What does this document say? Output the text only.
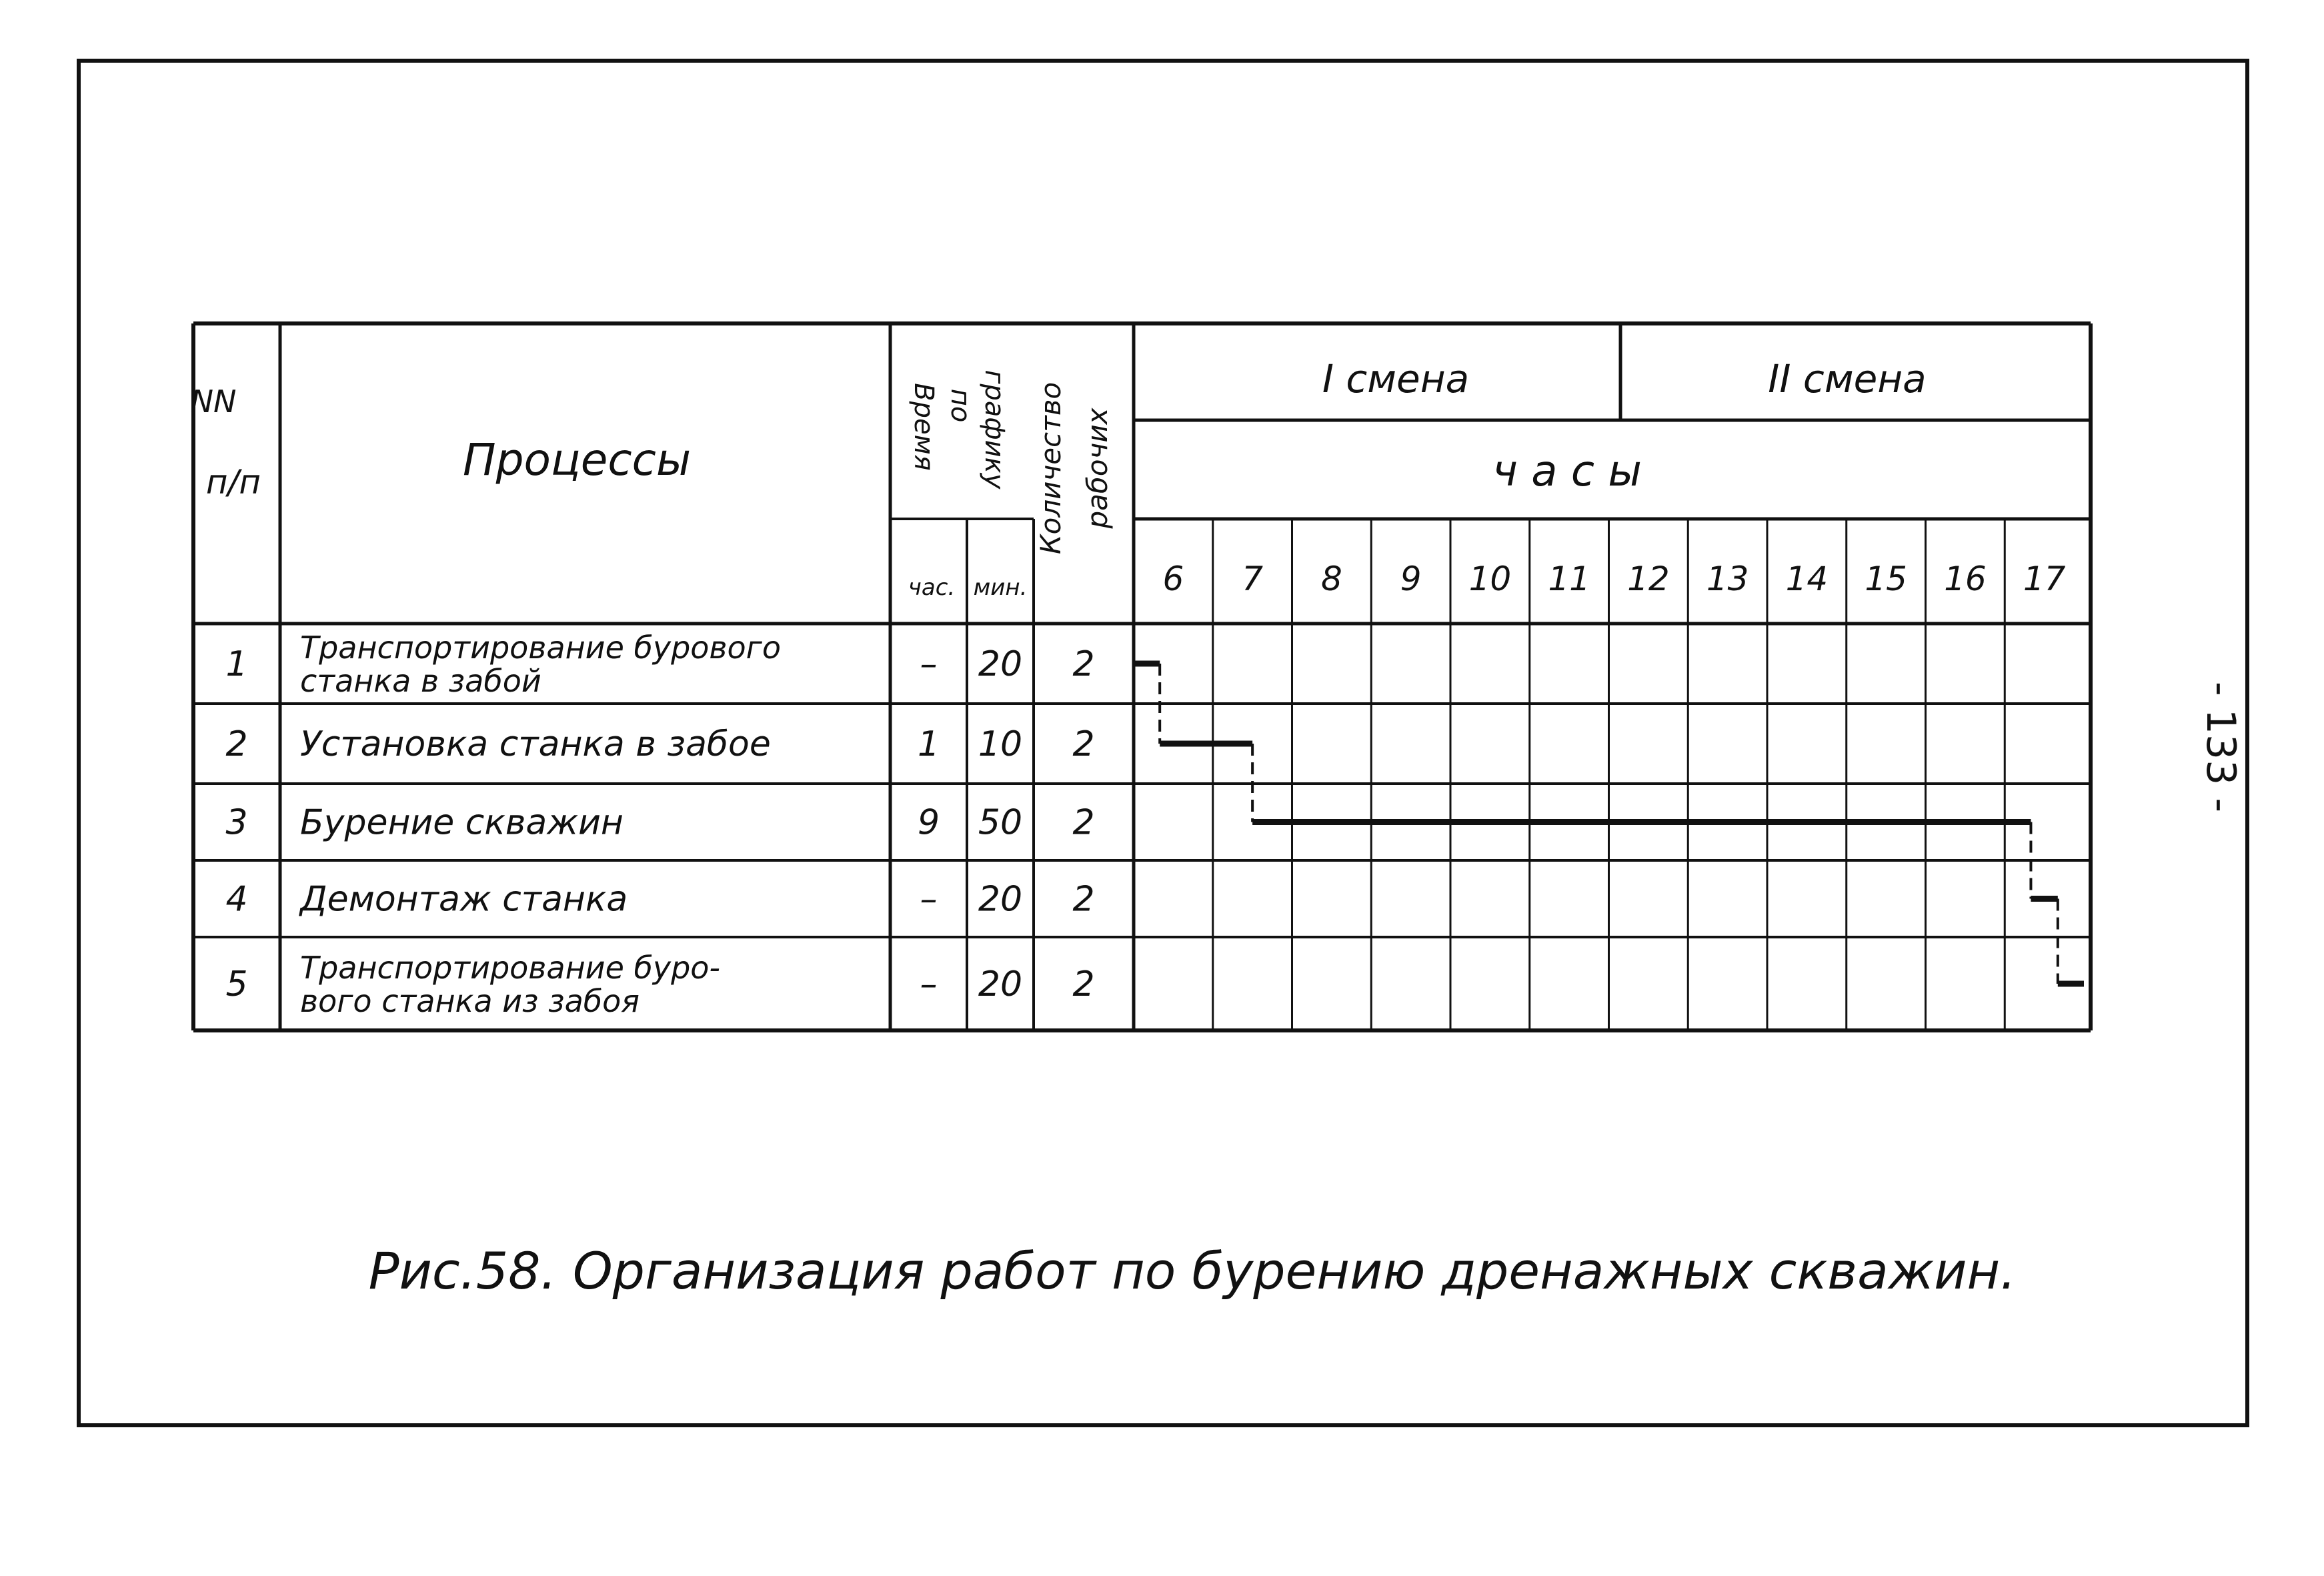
NN
п/п	Процессы	Время по графику
час. мин.
Количество рабочих
I смена	II смена
ч а с ы
6 7 8 9 10 11 12 13 14 15 16 17
1 Транспортирование бурового
станка в забой	– 20 2
2 Установка станка в забое	1 10 2
3 Бурение скважин	9 50 2
4 Демонтаж станка	– 20 2
5 Транспортирование буро-
вого станка из забоя	– 20 2
- 133 -
Рис.58. Организация работ по бурению дренажных скважин.
